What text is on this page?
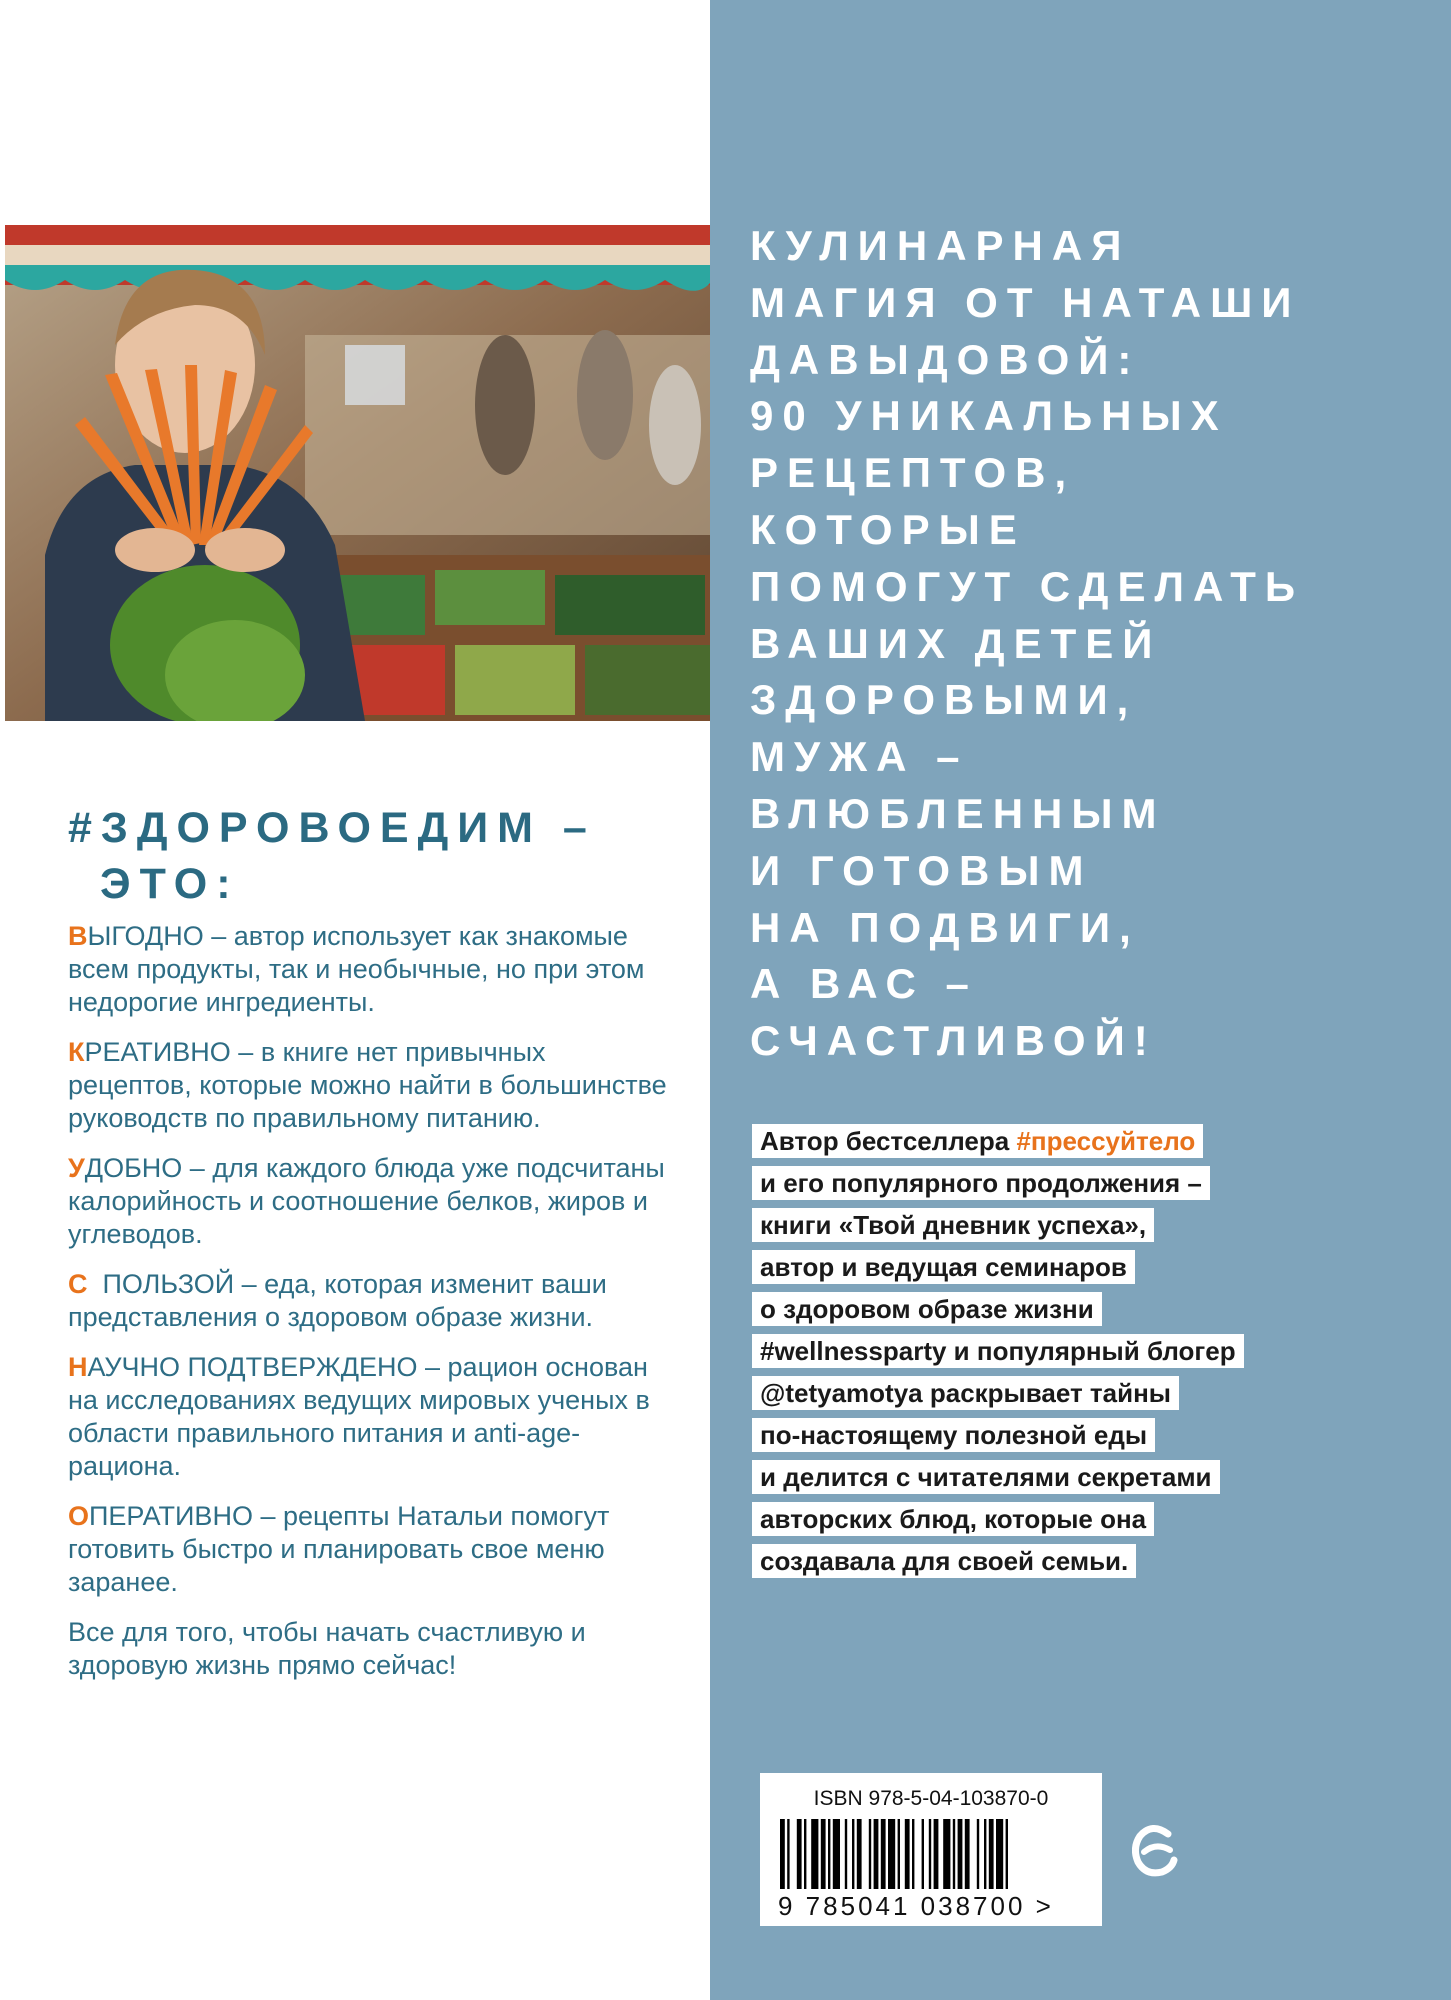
#ЗДОРОВОЕДИМ –
ЭТО:

ВЫГОДНО – автор использует как знакомые всем продукты, так и необычные, но при этом недорогие ингредиенты.

КРЕАТИВНО – в книге нет привычных рецептов, которые можно найти в большинстве руководств по правильному питанию.

УДОБНО – для каждого блюда уже подсчитаны калорийность и соотношение белков, жиров и углеводов.

С  ПОЛЬЗОЙ – еда, которая изменит ваши представления о здоровом образе жизни.

НАУЧНО ПОДТВЕРЖДЕНО – рацион основан на исследованиях ведущих мировых ученых в области правильного питания и anti-age-рациона.

ОПЕРАТИВНО – рецепты Натальи помогут готовить быстро и планировать свое меню заранее.

Все для того, чтобы начать счастливую и здоровую жизнь прямо сейчас!

КУЛИНАРНАЯ
МАГИЯ ОТ НАТАШИ
ДАВЫДОВОЙ:
90 УНИКАЛЬНЫХ
РЕЦЕПТОВ,
КОТОРЫЕ
ПОМОГУТ СДЕЛАТЬ
ВАШИХ ДЕТЕЙ
ЗДОРОВЫМИ,
МУЖА –
ВЛЮБЛЕННЫМ
И ГОТОВЫМ
НА ПОДВИГИ,
А ВАС –
СЧАСТЛИВОЙ!
Автор бестселлера #прессуйтело
и его популярного продолжения –
книги «Твой дневник успеха»,
автор и ведущая семинаров
о здоровом образе жизни
#wellnessparty и популярный блогер
@tetyamotya раскрывает тайны
по-настоящему полезной еды
и делится с читателями секретами
авторских блюд, которые она
создавала для своей семьи.
ISBN 978-5-04-103870-0
9 785041 038700 >
